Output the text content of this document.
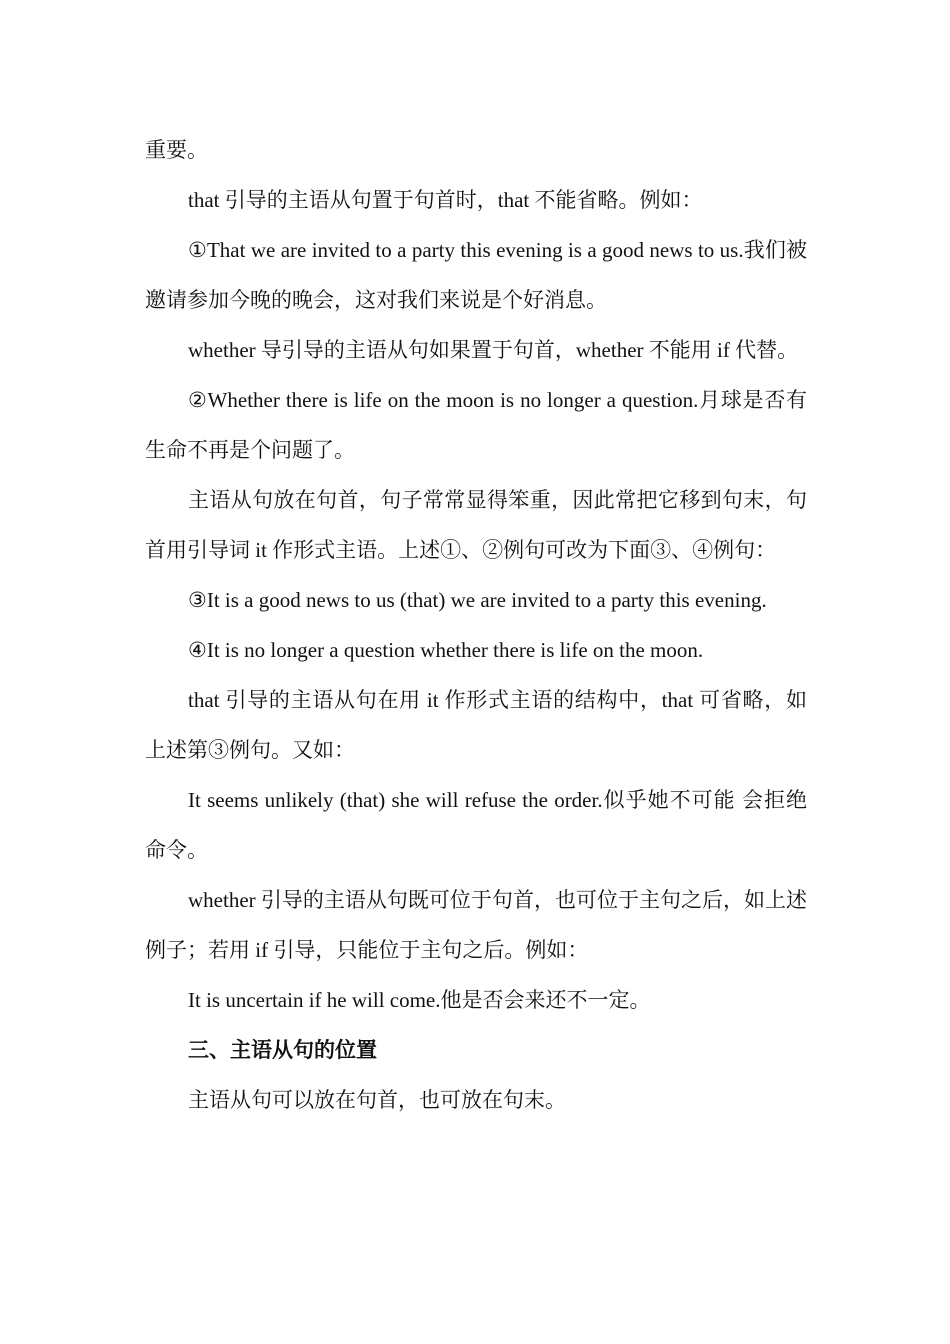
重要。

that 引导的主语从句置于句首时，that 不能省略。例如：

①That we are invited to a party this evening is a good news to us.我们被邀请参加今晚的晚会，这对我们来说是个好消息。

whether 导引导的主语从句如果置于句首，whether 不能用 if 代替。

②Whether there is life on the moon is no longer a question.月球是否有生命不再是个问题了。

主语从句放在句首，句子常常显得笨重，因此常把它移到句末，句首用引导词 it 作形式主语。上述①、②例句可改为下面③、④例句：

③It is a good news to us (that) we are invited to a party this evening.

④It is no longer a question whether there is life on the moon.

that 引导的主语从句在用 it 作形式主语的结构中，that 可省略，如上述第③例句。又如：

It seems unlikely (that) she will refuse the order.似乎她不可能 会拒绝命令。

whether 引导的主语从句既可位于句首，也可位于主句之后，如上述例子；若用 if 引导，只能位于主句之后。例如：

It is uncertain if he will come.他是否会来还不一定。

三、主语从句的位置

主语从句可以放在句首，也可放在句末。
